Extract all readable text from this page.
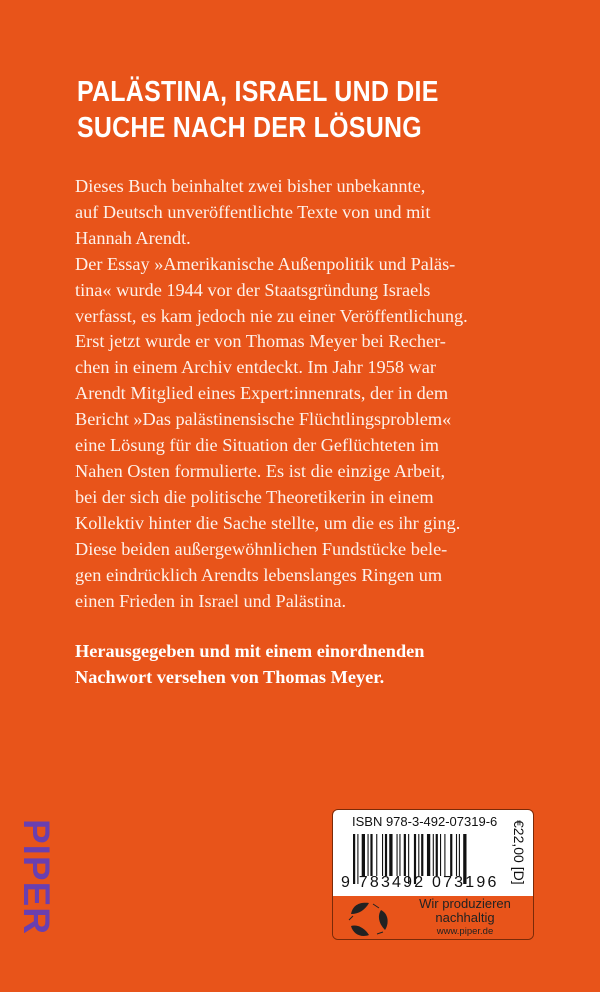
PALÄSTINA, ISRAEL UND DIE
SUCHE NACH DER LÖSUNG
Dieses Buch beinhaltet zwei bisher unbekannte,
auf Deutsch unveröffentlichte Texte von und mit
Hannah Arendt.
Der Essay »Amerikanische Außenpolitik und Paläs-
tina« wurde 1944 vor der Staatsgründung Israels
verfasst, es kam jedoch nie zu einer Veröffentlichung.
Erst jetzt wurde er von Thomas Meyer bei Recher-
chen in einem Archiv entdeckt. Im Jahr 1958 war
Arendt Mitglied eines Expert:innenrats, der in dem
Bericht »Das palästinensische Flüchtlingsproblem«
eine Lösung für die Situation der Geflüchteten im
Nahen Osten formulierte. Es ist die einzige Arbeit,
bei der sich die politische Theoretikerin in einem
Kollektiv hinter die Sache stellte, um die es ihr ging.
Diese beiden außergewöhnlichen Fundstücke bele-
gen eindrücklich Arendts lebenslanges Ringen um
einen Frieden in Israel und Palästina.
Herausgegeben und mit einem einordnenden
Nachwort versehen von Thomas Meyer.
PIPER	ISBN 978-3-492-07319-6
9 783492 073196 €22,00 [D]
Wir produzieren
nachhaltig
www.piper.de
